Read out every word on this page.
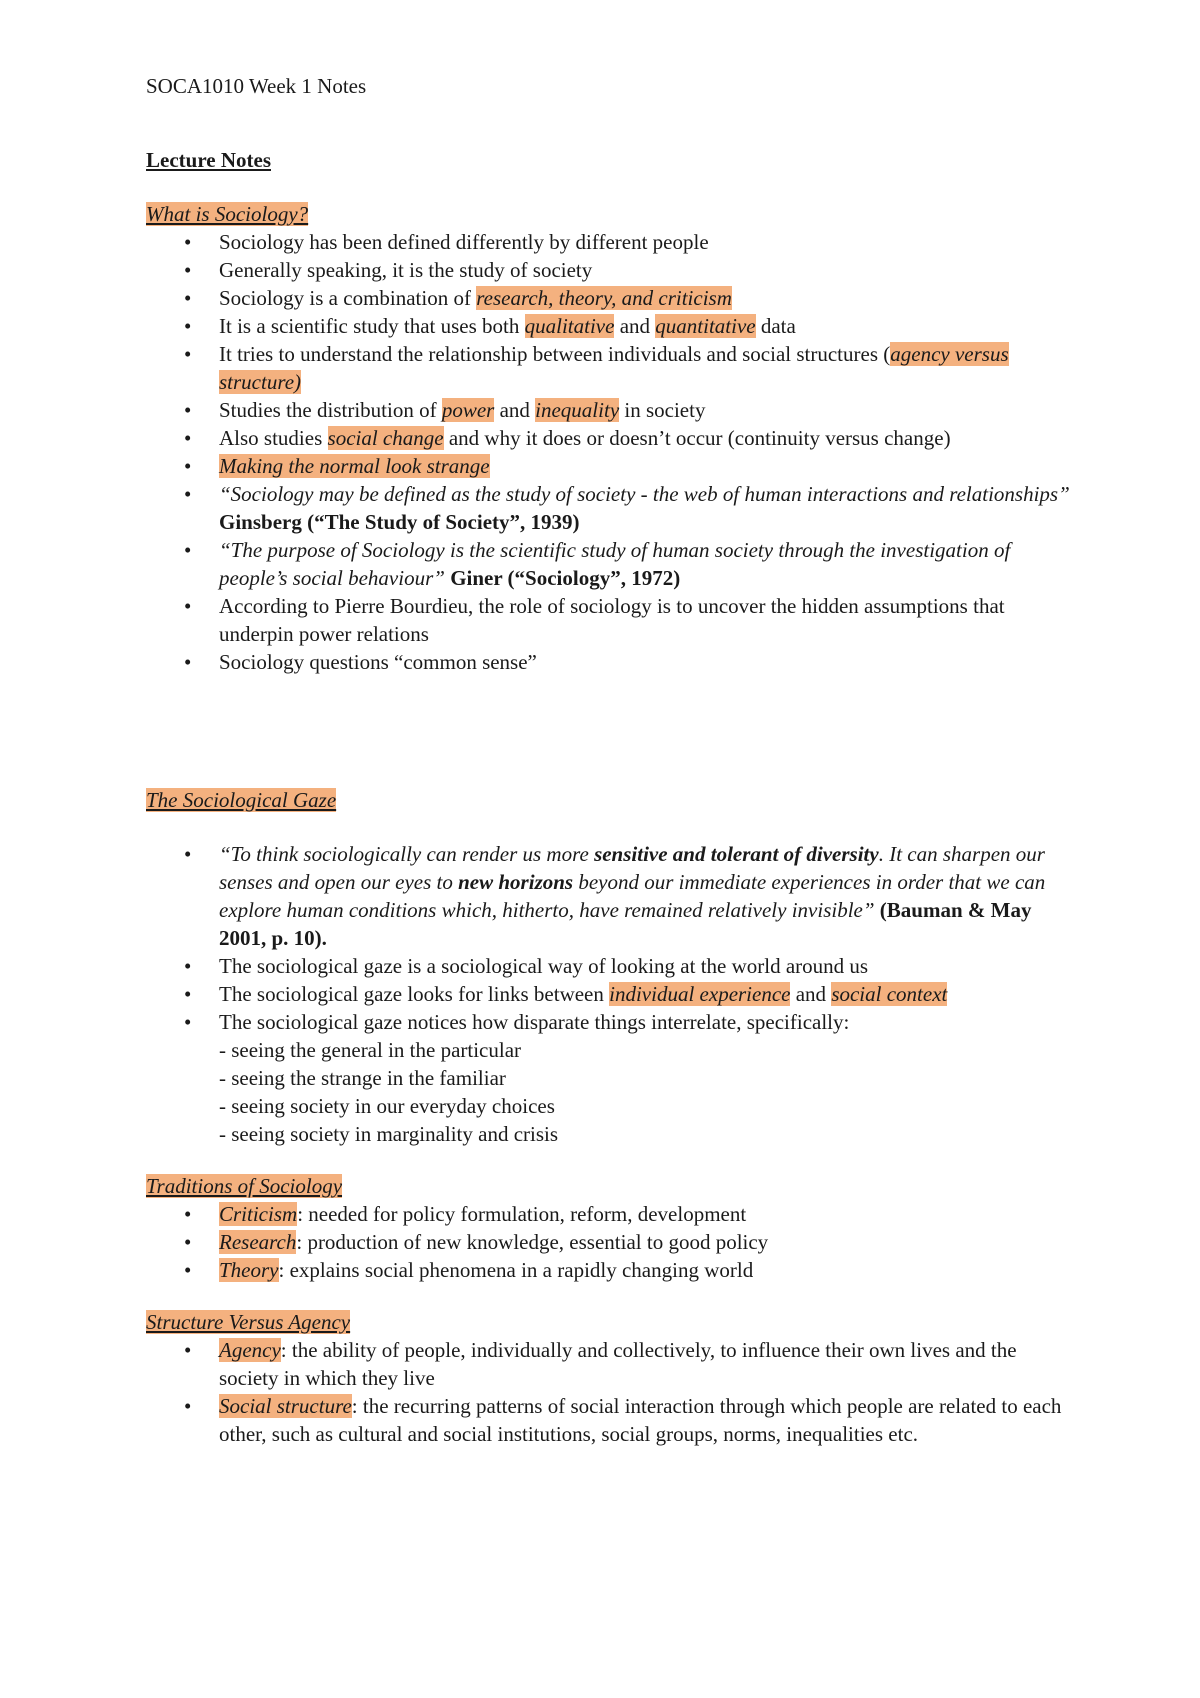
SOCA1010 Week 1 Notes

Lecture Notes

What is Sociology?

• Sociology has been defined differently by different people
• Generally speaking, it is the study of society
• Sociology is a combination of research, theory, and criticism
• It is a scientific study that uses both qualitative and quantitative data
• It tries to understand the relationship between individuals and social structures (agency versus structure)
• Studies the distribution of power and inequality in society
• Also studies social change and why it does or doesn’t occur (continuity versus change)
• Making the normal look strange
• “Sociology may be defined as the study of society - the web of human interactions and relationships” Ginsberg (“The Study of Society”, 1939)
• “The purpose of Sociology is the scientific study of human society through the investigation of people’s social behaviour” Giner (“Sociology”, 1972)
• According to Pierre Bourdieu, the role of sociology is to uncover the hidden assumptions that underpin power relations
• Sociology questions “common sense”

The Sociological Gaze

• “To think sociologically can render us more sensitive and tolerant of diversity. It can sharpen our senses and open our eyes to new horizons beyond our immediate experiences in order that we can explore human conditions which, hitherto, have remained relatively invisible” (Bauman & May 2001, p. 10).
• The sociological gaze is a sociological way of looking at the world around us
• The sociological gaze looks for links between individual experience and social context
• The sociological gaze notices how disparate things interrelate, specifically:
- seeing the general in the particular
- seeing the strange in the familiar
- seeing society in our everyday choices
- seeing society in marginality and crisis

Traditions of Sociology

• Criticism: needed for policy formulation, reform, development
• Research: production of new knowledge, essential to good policy
• Theory: explains social phenomena in a rapidly changing world

Structure Versus Agency

• Agency: the ability of people, individually and collectively, to influence their own lives and the society in which they live
• Social structure: the recurring patterns of social interaction through which people are related to each other, such as cultural and social institutions, social groups, norms, inequalities etc.
